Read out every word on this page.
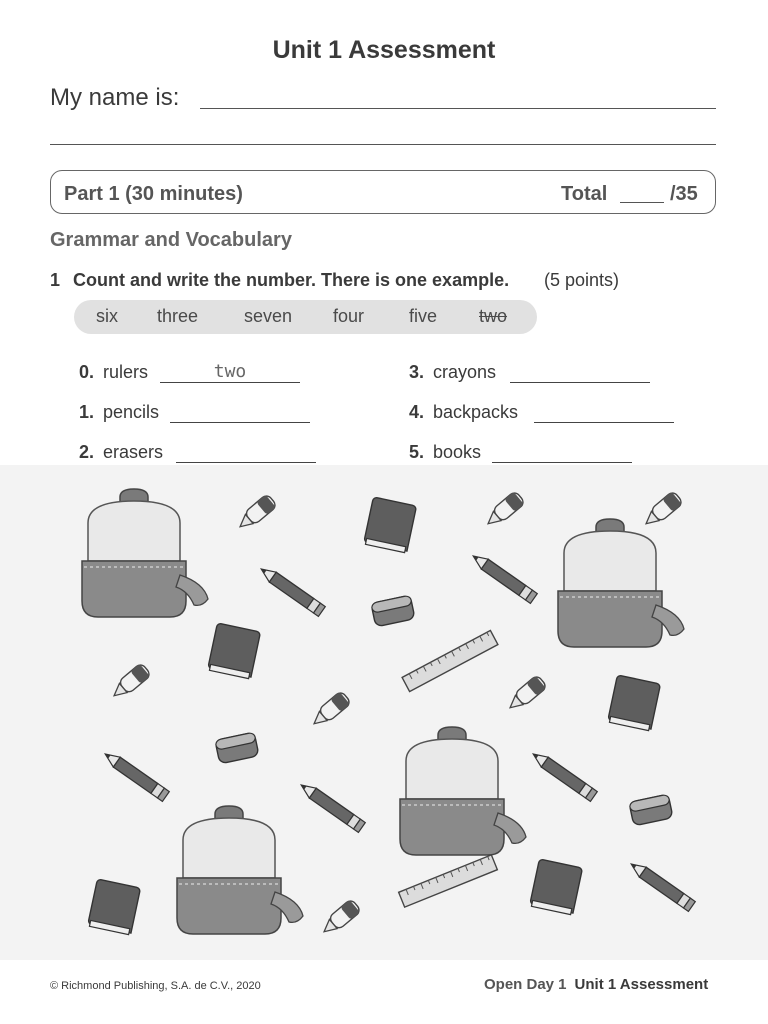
Unit 1 Assessment
My name is:
Part 1 (30 minutes)	Total	/35
Grammar and Vocabulary
1 Count and write the number. There is one example. (5 points)
six three	seven four five two
0. rulers	two
1. pencils
2. erasers
3. crayons
4. backpacks
5. books
© Richmond Publishing, S.A. de C.V., 2020	Open Day 1 Unit 1 Assessment
